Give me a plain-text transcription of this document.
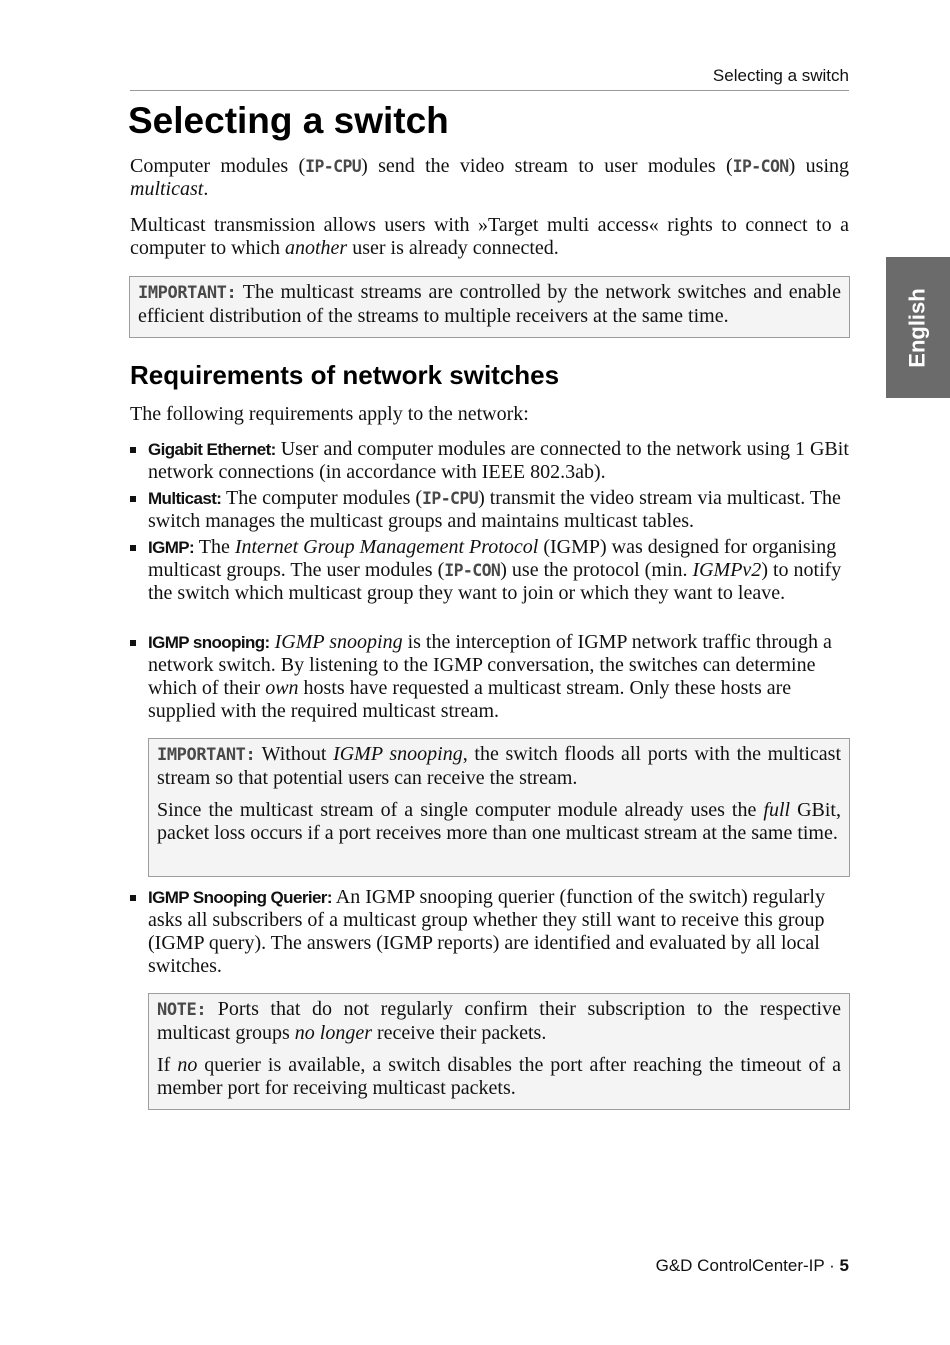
Selecting a switch
Selecting a switch

Computer modules (IP-CPU) send the video stream to user modules (IP-CON) using multicast.

Multicast transmission allows users with »Target multi access« rights to connect to a computer to which another user is already connected.

IMPORTANT: The multicast streams are controlled by the network switches and enable efficient distribution of the streams to multiple receivers at the same time.

Requirements of network switches

The following requirements apply to the network:

Gigabit Ethernet: User and computer modules are connected to the network using 1 GBit network connections (in accordance with IEEE 802.3ab).

Multicast: The computer modules (IP-CPU) transmit the video stream via multicast. The switch manages the multicast groups and maintains multicast tables.

IGMP: The Internet Group Management Protocol (IGMP) was designed for organising multicast groups. The user modules (IP-CON) use the protocol (min. IGMPv2) to notify the switch which multicast group they want to join or which they want to leave.

IGMP snooping: IGMP snooping is the interception of IGMP network traffic through a network switch. By listening to the IGMP conversation, the switches can determine which of their own hosts have requested a multicast stream. Only these hosts are supplied with the required multicast stream.

IMPORTANT: Without IGMP snooping, the switch floods all ports with the multicast stream so that potential users can receive the stream.

Since the multicast stream of a single computer module already uses the full GBit, packet loss occurs if a port receives more than one multicast stream at the same time.

IGMP Snooping Querier: An IGMP snooping querier (function of the switch) regularly asks all subscribers of a multicast group whether they still want to receive this group (IGMP query). The answers (IGMP reports) are identified and evaluated by all local switches.

NOTE: Ports that do not regularly confirm their subscription to the respective multicast groups no longer receive their packets.

If no querier is available, a switch disables the port after reaching the timeout of a member port for receiving multicast packets.

English
G&D ControlCenter-IP · 5
